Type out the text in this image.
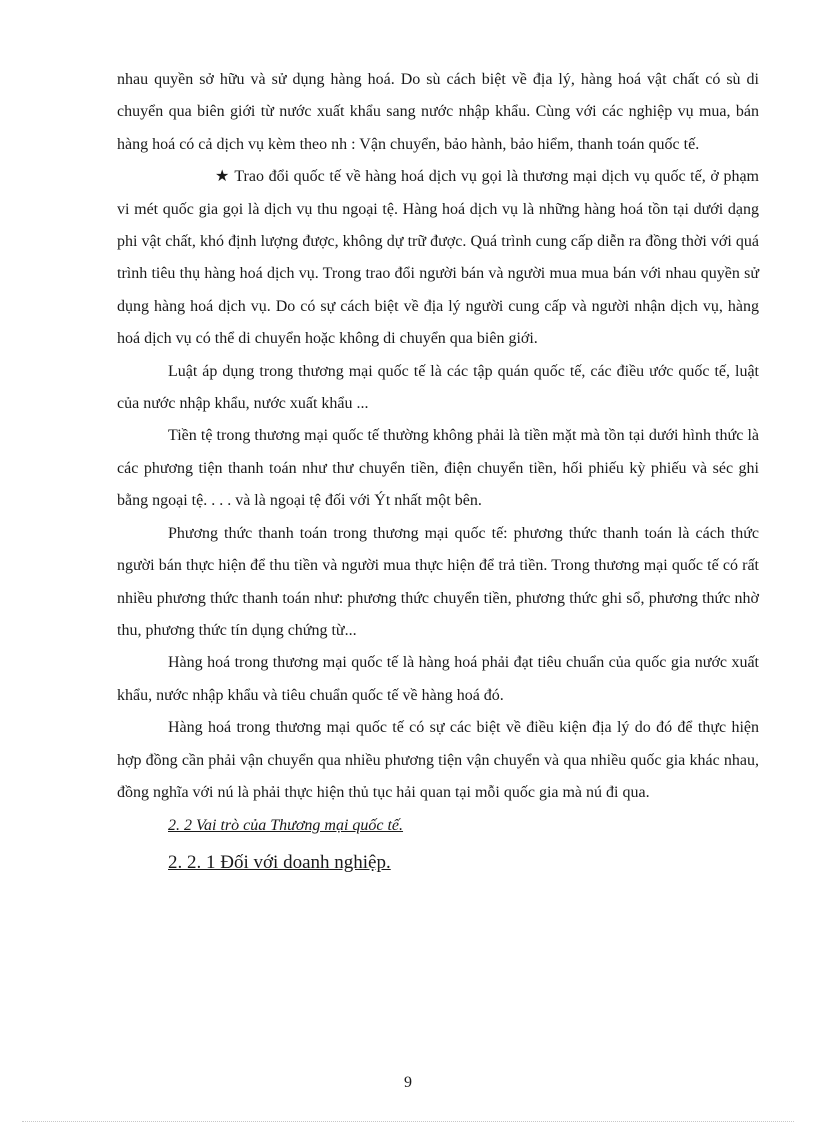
nhau quyền sở hữu và sử dụng hàng hoá. Do sù cách biệt về địa lý, hàng hoá vật chất có sù di chuyển qua biên giới từ nước xuất khẩu sang nước nhập khẩu. Cùng với các nghiệp vụ mua, bán hàng hoá có cả dịch vụ kèm theo nh : Vận chuyển, bảo hành, bảo hiểm, thanh toán quốc tế.

★ Trao đổi quốc tế về hàng hoá dịch vụ gọi là thương mại dịch vụ quốc tế, ở phạm vi mét quốc gia gọi là dịch vụ thu ngoại tệ. Hàng hoá dịch vụ là những hàng hoá tồn tại dưới dạng phi vật chất, khó định lượng được, không dự trữ được. Quá trình cung cấp diễn ra đồng thời với quá trình tiêu thụ hàng hoá dịch vụ. Trong trao đổi người bán và người mua mua bán với nhau quyền sử dụng hàng hoá dịch vụ. Do có sự cách biệt về địa lý người cung cấp và người nhận dịch vụ, hàng hoá dịch vụ có thể di chuyển hoặc không di chuyển qua biên giới.

Luật áp dụng trong thương mại quốc tế là các tập quán quốc tế, các điều ước quốc tế, luật của nước nhập khẩu, nước xuất khẩu ...

Tiền tệ trong thương mại quốc tế thường không phải là tiền mặt mà tồn tại dưới hình thức là các phương tiện thanh toán như thư chuyển tiền, điện chuyển tiền, hối phiếu kỳ phiếu và séc ghi bằng ngoại tệ. . . . và là ngoại tệ đối với Ýt nhất một bên.

Phương thức thanh toán trong thương mại quốc tế: phương thức thanh toán là cách thức người bán thực hiện để thu tiền và người mua thực hiện để trả tiền. Trong thương mại quốc tế có rất nhiều phương thức thanh toán như: phương thức chuyển tiền, phương thức ghi sổ, phương thức nhờ thu, phương thức tín dụng chứng từ...

Hàng hoá trong thương mại quốc tế là hàng hoá phải đạt tiêu chuẩn của quốc gia nước xuất khẩu, nước nhập khẩu và tiêu chuẩn quốc tế về hàng hoá đó.

Hàng hoá trong thương mại quốc tế có sự các biệt về điều kiện địa lý do đó để thực hiện hợp đồng cần phải vận chuyển qua nhiều phương tiện vận chuyển và qua nhiều quốc gia khác nhau, đồng nghĩa với nú là phải thực hiện thủ tục hải quan tại mỗi quốc gia mà nú đi qua.

2. 2 Vai trò của Thương mại quốc tế.

2. 2. 1 Đối với doanh nghiệp.

9
